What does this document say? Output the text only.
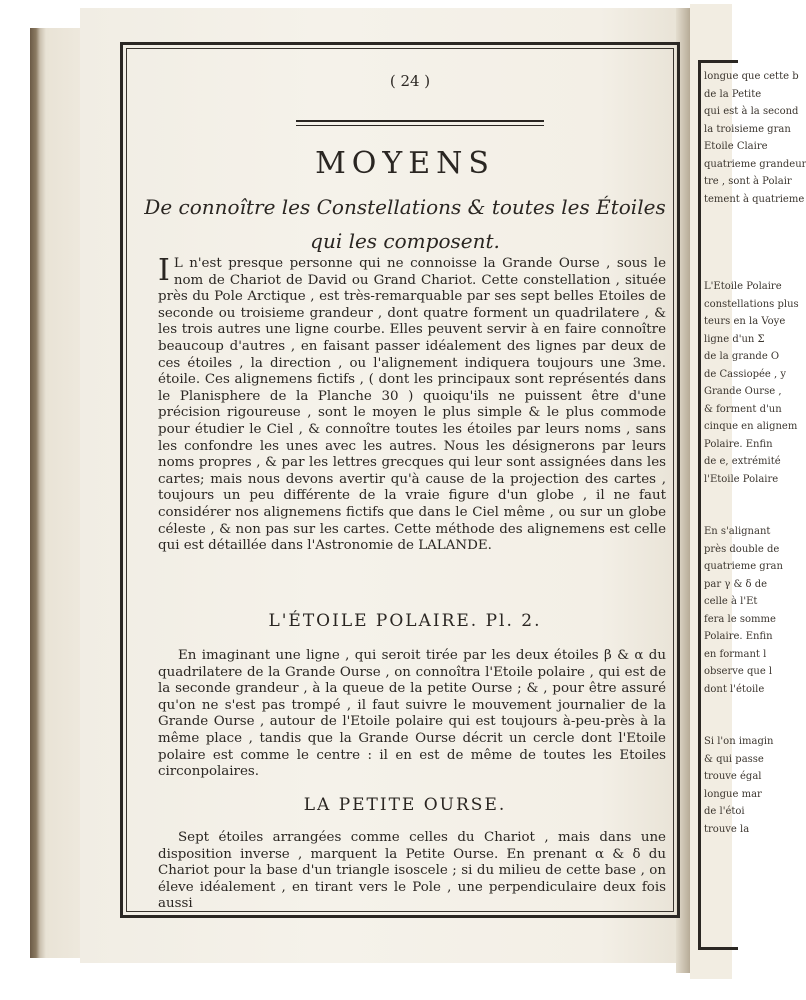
longue que cette b
de la Petite
qui est à la second
la troisieme gran
Etoile Claire
quatrieme grandeur
tre , sont à Polair
tement à quatrieme
L'Etoile Polaire
constellations plus
teurs en la Voye
ligne d'un Σ
de la grande O
de Cassiopée , y
Grande Ourse ,
& forment d'un
cinque en alignem
Polaire. Enfin
de e, extrémité
l'Etoile Polaire
En s'alignant
près double de
quatrieme gran
par γ & δ de
celle à l'Et
fera le somme
Polaire. Enfin
en formant l
observe que l
dont l'étoile
Si l'on imagin
& qui passe
trouve égal
longue mar
de l'étoi
trouve la
( 24 )
MOYENS
De connoître les Constellations & toutes les Étoiles qui les composent.
I L n'est presque personne qui ne connoisse la Grande Ourse , sous le nom de Chariot de David ou Grand Chariot. Cette constellation , située près du Pole Arctique , est très-remarquable par ses sept belles Etoiles de seconde ou troisieme grandeur , dont quatre forment un quadrilatere , & les trois autres une ligne courbe. Elles peuvent servir à en faire connoître beaucoup d'autres , en faisant passer idéalement des lignes par deux de ces étoiles , la direction , ou l'alignement indiquera toujours une 3me. étoile. Ces alignemens fictifs , ( dont les principaux sont représentés dans le Planisphere de la Planche 30 ) quoiqu'ils ne puissent être d'une précision rigoureuse , sont le moyen le plus simple & le plus commode pour étudier le Ciel , & connoître toutes les étoiles par leurs noms , sans les confondre les unes avec les autres. Nous les désignerons par leurs noms propres , & par les lettres grecques qui leur sont assignées dans les cartes; mais nous devons avertir qu'à cause de la projection des cartes , toujours un peu différente de la vraie figure d'un globe , il ne faut considérer nos alignemens fictifs que dans le Ciel même , ou sur un globe céleste , & non pas sur les cartes. Cette méthode des alignemens est celle qui est détaillée dans l'Astronomie de LALANDE.
L'ÉTOILE POLAIRE. Pl. 2.
En imaginant une ligne , qui seroit tirée par les deux étoiles β & α du quadrilatere de la Grande Ourse , on connoîtra l'Etoile polaire , qui est de la seconde grandeur , à la queue de la petite Ourse ; & , pour être assuré qu'on ne s'est pas trompé , il faut suivre le mouvement journalier de la Grande Ourse , autour de l'Etoile polaire qui est toujours à-peu-près à la même place , tandis que la Grande Ourse décrit un cercle dont l'Etoile polaire est comme le centre : il en est de même de toutes les Etoiles circonpolaires.
LA PETITE OURSE.
Sept étoiles arrangées comme celles du Chariot , mais dans une disposition inverse , marquent la Petite Ourse. En prenant α & δ du Chariot pour la base d'un triangle isoscele ; si du milieu de cette base , on éleve idéalement , en tirant vers le Pole , une perpendiculaire deux fois aussi
